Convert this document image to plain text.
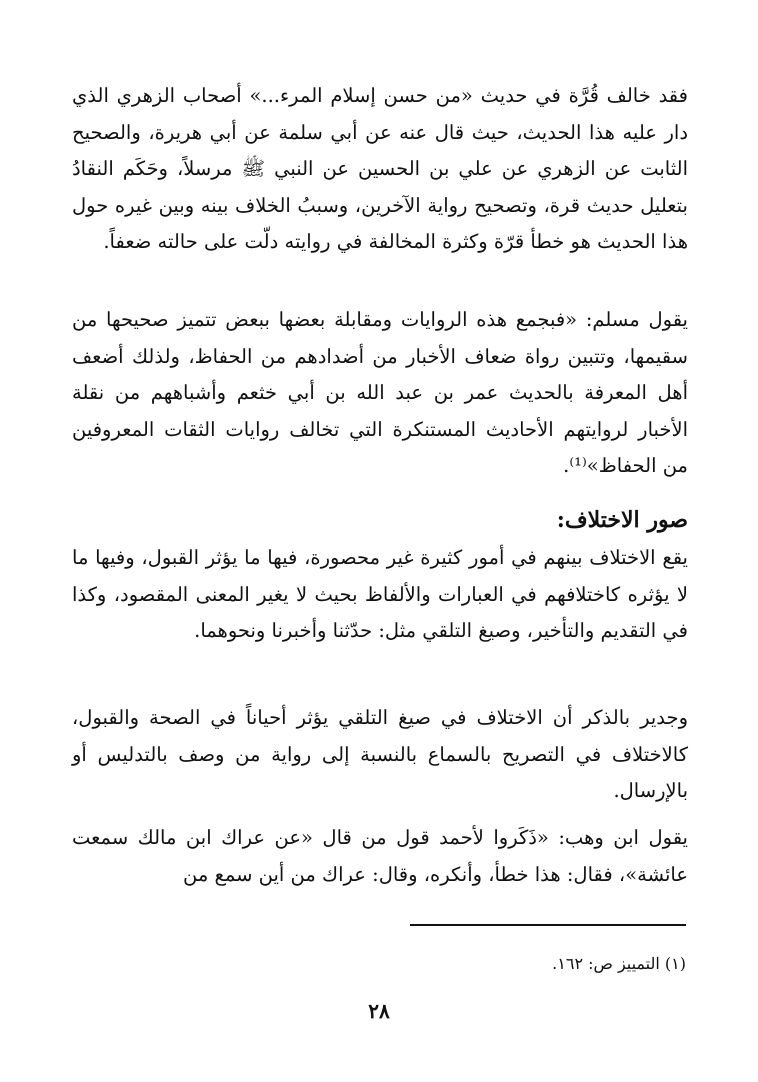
فقد خالف قُرَّة في حديث «من حسن إسلام المرء...» أصحاب الزهري الذي دار عليه هذا الحديث، حيث قال عنه عن أبي سلمة عن أبي هريرة، والصحيح الثابت عن الزهري عن علي بن الحسين عن النبي ﷺ مرسلاً، وحَكَم النقادُ بتعليل حديث قرة، وتصحيح رواية الآخرين، وسببُ الخلاف بينه وبين غيره حول هذا الحديث هو خطأ قرّة وكثرة المخالفة في روايته دلّت على حالته ضعفاً.

يقول مسلم: «فبجمع هذه الروايات ومقابلة بعضها ببعض تتميز صحيحها من سقيمها، وتتبين رواة ضعاف الأخبار من أضدادهم من الحفاظ، ولذلك أضعف أهل المعرفة بالحديث عمر بن عبد الله بن أبي خثعم وأشباههم من نقلة الأخبار لروايتهم الأحاديث المستنكرة التي تخالف روايات الثقات المعروفين من الحفاظ»⁽¹⁾.

صور الاختلاف:

يقع الاختلاف بينهم في أمور كثيرة غير محصورة، فيها ما يؤثر القبول، وفيها ما لا يؤثره كاختلافهم في العبارات والألفاظ بحيث لا يغير المعنى المقصود، وكذا في التقديم والتأخير، وصيغ التلقي مثل: حدّثنا وأخبرنا ونحوهما.

وجدير بالذكر أن الاختلاف في صيغ التلقي يؤثر أحياناً في الصحة والقبول، كالاختلاف في التصريح بالسماع بالنسبة إلى رواية من وصف بالتدليس أو بالإرسال.

يقول ابن وهب: «ذَكَروا لأحمد قول من قال «عن عراك ابن مالك سمعت عائشة»، فقال: هذا خطأ، وأنكره، وقال: عراك من أين سمع من

(١) التمييز ص: ١٦٢.

٢٨
